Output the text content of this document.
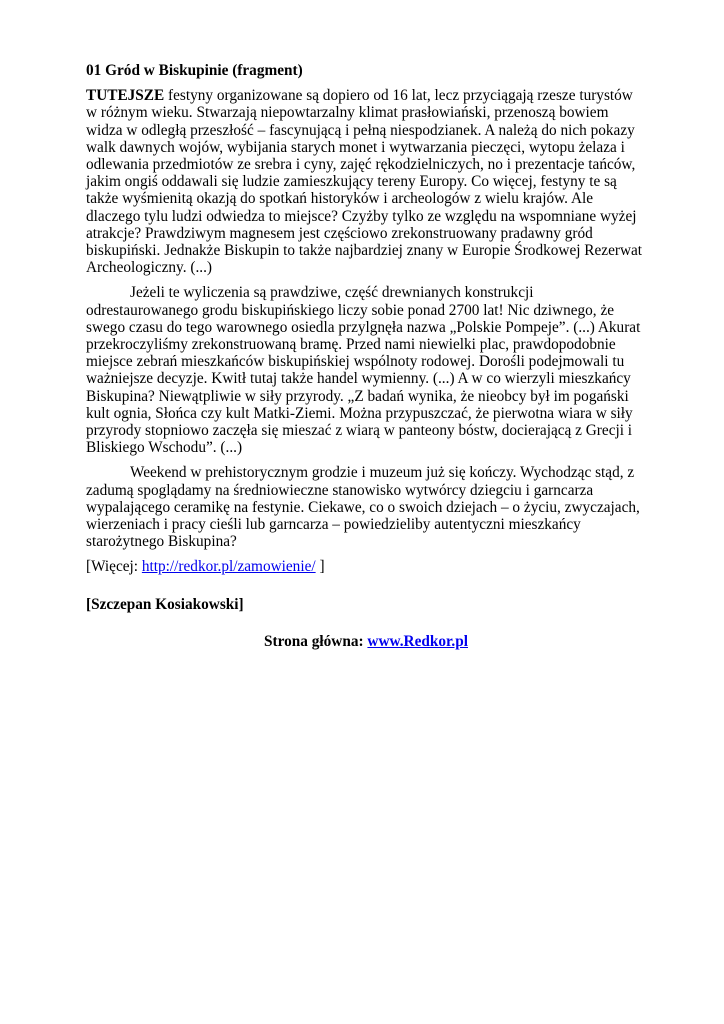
01 Gród w Biskupinie (fragment)

TUTEJSZE festyny organizowane są dopiero od 16 lat, lecz przyciągają rzesze turystów w różnym wieku. Stwarzają niepowtarzalny klimat prasłowiański, przenoszą bowiem widza w odległą przeszłość – fascynującą i pełną niespodzianek. A należą do nich pokazy walk dawnych wojów, wybijania starych monet i wytwarzania pieczęci, wytopu żelaza i odlewania przedmiotów ze srebra i cyny, zajęć rękodzielniczych, no i prezentacje tańców, jakim ongiś oddawali się ludzie zamieszkujący tereny Europy. Co więcej, festyny te są także wyśmienitą okazją do spotkań historyków i archeologów z wielu krajów. Ale dlaczego tylu ludzi odwiedza to miejsce? Czyżby tylko ze względu na wspomniane wyżej atrakcje? Prawdziwym magnesem jest częściowo zrekonstruowany pradawny gród biskupiński. Jednakże Biskupin to także najbardziej znany w Europie Środkowej Rezerwat Archeologiczny. (...)

Jeżeli te wyliczenia są prawdziwe, część drewnianych konstrukcji odrestaurowanego grodu biskupińskiego liczy sobie ponad 2700 lat! Nic dziwnego, że swego czasu do tego warownego osiedla przylgnęła nazwa „Polskie Pompeje”. (...) Akurat przekroczyliśmy zrekonstruowaną bramę. Przed nami niewielki plac, prawdopodobnie miejsce zebrań mieszkańców biskupińskiej wspólnoty rodowej. Dorośli podejmowali tu ważniejsze decyzje. Kwitł tutaj także handel wymienny. (...) A w co wierzyli mieszkańcy Biskupina? Niewątpliwie w siły przyrody. „Z badań wynika, że nieobcy był im pogański kult ognia, Słońca czy kult Matki-Ziemi. Można przypuszczać, że pierwotna wiara w siły przyrody stopniowo zaczęła się mieszać z wiarą w panteony bóstw, docierającą z Grecji i Bliskiego Wschodu”. (...)

Weekend w prehistorycznym grodzie i muzeum już się kończy. Wychodząc stąd, z zadumą spoglądamy na średniowieczne stanowisko wytwórcy dziegciu i garncarza wypalającego ceramikę na festynie. Ciekawe, co o swoich dziejach – o życiu, zwyczajach, wierzeniach i pracy cieśli lub garncarza – powiedzieliby autentyczni mieszkańcy starożytnego Biskupina?

[Więcej: http://redkor.pl/zamowienie/ ]

[Szczepan Kosiakowski]

Strona główna: www.Redkor.pl
